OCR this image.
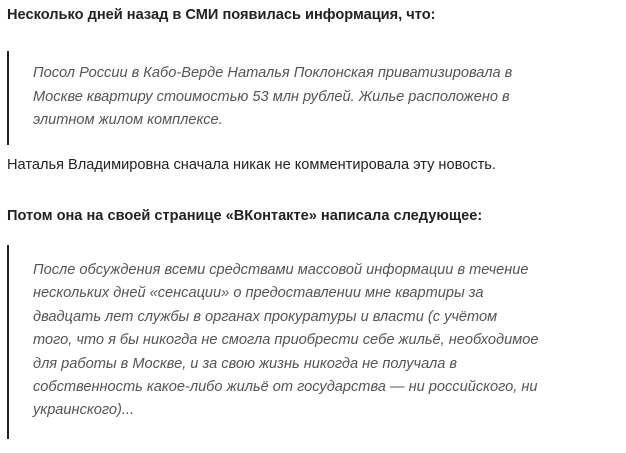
Несколько дней назад в СМИ появилась информация, что:
Посол России в Кабо-Верде Наталья Поклонская приватизировала в
Москве квартиру стоимостью 53 млн рублей. Жилье расположено в
элитном жилом комплексе.
Наталья Владимировна сначала никак не комментировала эту новость.
Потом она на своей странице «ВКонтакте» написала следующее:
После обсуждения всеми средствами массовой информации в течение
нескольких дней «сенсации» о предоставлении мне квартиры за
двадцать лет службы в органах прокуратуры и власти (с учётом
того, что я бы никогда не смогла приобрести себе жильё, необходимое
для работы в Москве, и за свою жизнь никогда не получала в
собственность какое-либо жильё от государства — ни российского, ни
украинского)...
